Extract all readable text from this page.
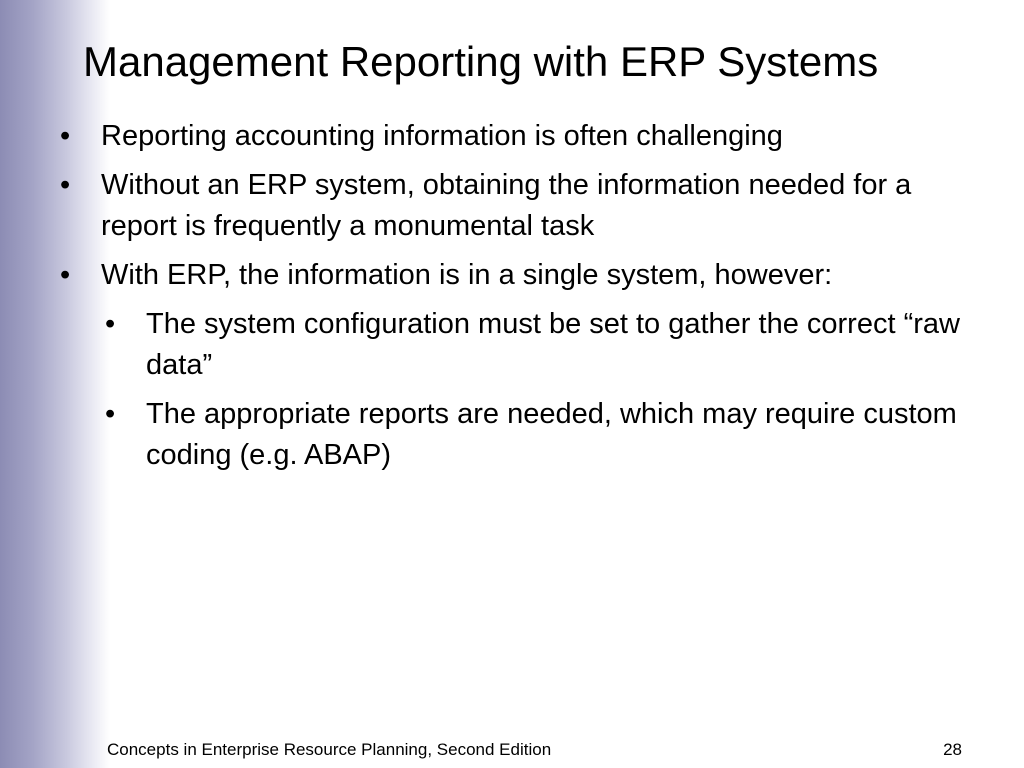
Management Reporting with ERP Systems
• Reporting accounting information is often challenging
• Without an ERP system, obtaining the information needed for a report is frequently a monumental task
• With ERP, the information is in a single system, however:
• The system configuration must be set to gather the correct “raw data”
• The appropriate reports are needed, which may require custom coding (e.g. ABAP)
Concepts in Enterprise Resource Planning, Second Edition	28
